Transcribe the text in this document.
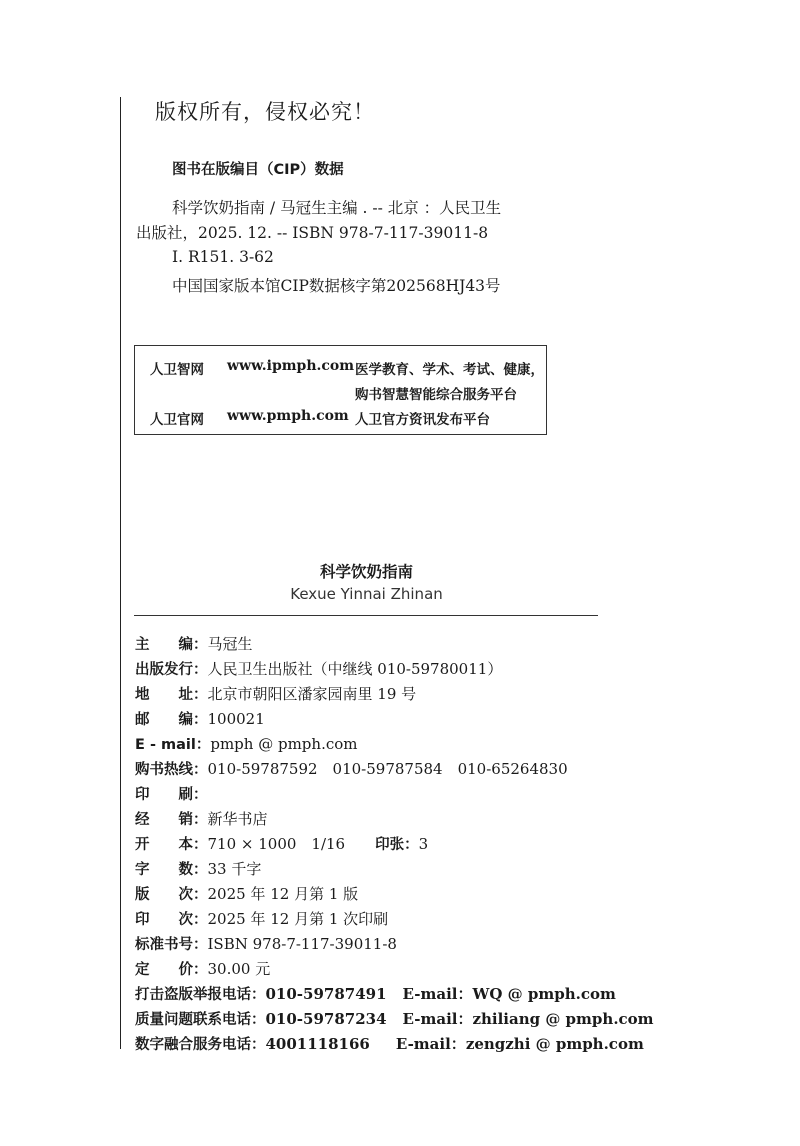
版权所有，侵权必究！
图书在版编目（CIP）数据
科学饮奶指南 / 马冠生主编 . -- 北京 ：人民卫生
出版社，2025. 12. -- ISBN 978-7-117-39011-8
Ⅰ. R151. 3-62
中国国家版本馆CIP数据核字第202568HJ43号
人卫智网 www.ipmph.com 医学教育、学术、考试、健康，
购书智慧智能综合服务平台
人卫官网 www.pmph.com 人卫官方资讯发布平台
科学饮奶指南
Kexue Yinnai Zhinan
主　　编：马冠生
出版发行：人民卫生出版社（中继线 010-59780011）
地　　址：北京市朝阳区潘家园南里 19 号
邮　　编：100021
E - mail：pmph @ pmph.com
购书热线：010-59787592　010-59787584　010-65264830
印　　刷：
经　　销：新华书店
开　　本：710 × 1000　1/16 印张：3
字　　数：33 千字
版　　次：2025 年 12 月第 1 版
印　　次：2025 年 12 月第 1 次印刷
标准书号：ISBN 978-7-117-39011-8
定　　价：30.00 元
打击盗版举报电话：010-59787491 E-mail：WQ @ pmph.com
质量问题联系电话：010-59787234 E-mail：zhiliang @ pmph.com
数字融合服务电话：4001118166 E-mail：zengzhi @ pmph.com
